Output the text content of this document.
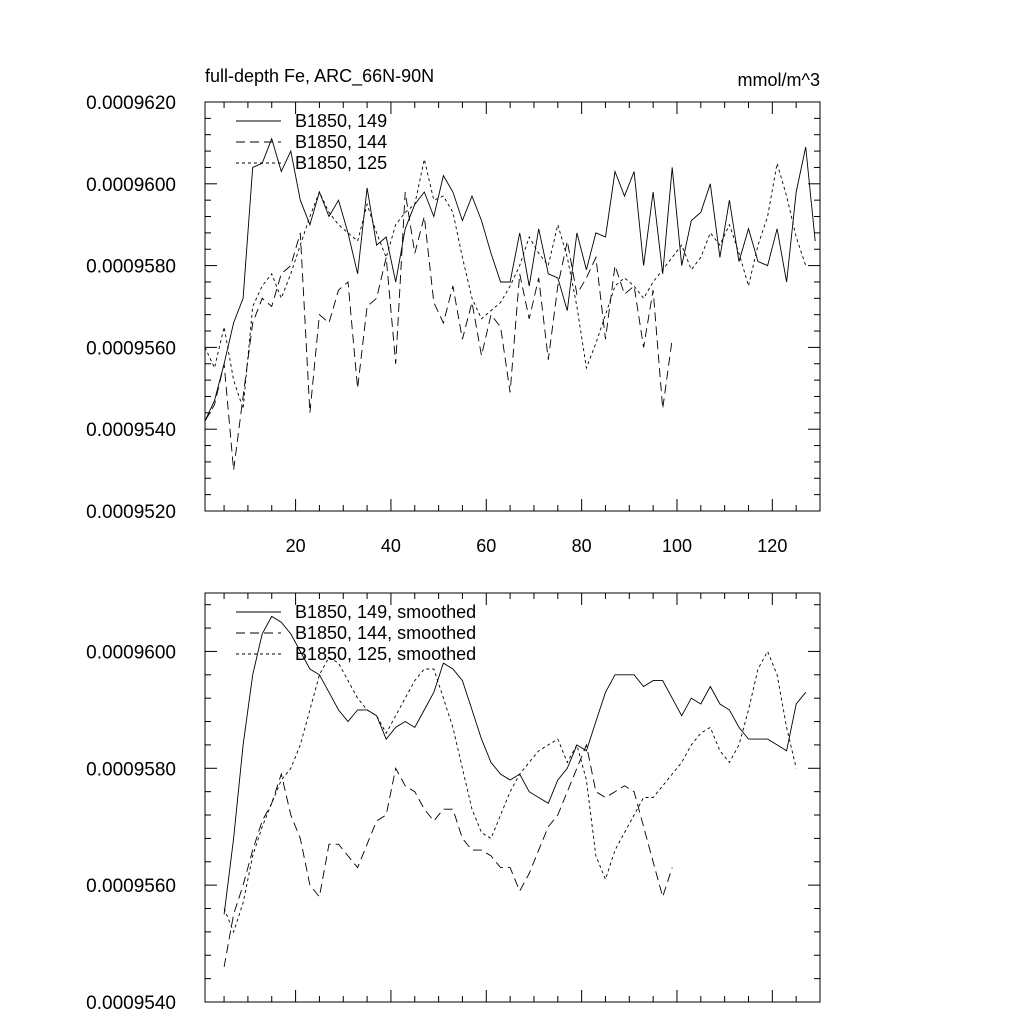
full-depth Fe, ARC_66N-90N	mmol/m^3
20	40	60	80	100	120
0.0009520
0.0009540
0.0009560
0.0009580
0.0009600
0.0009620
B1850, 149
B1850, 144
B1850, 125
0.0009540
0.0009560
0.0009580
0.0009600
B1850, 149, smoothed
B1850, 144, smoothed
B1850, 125, smoothed
